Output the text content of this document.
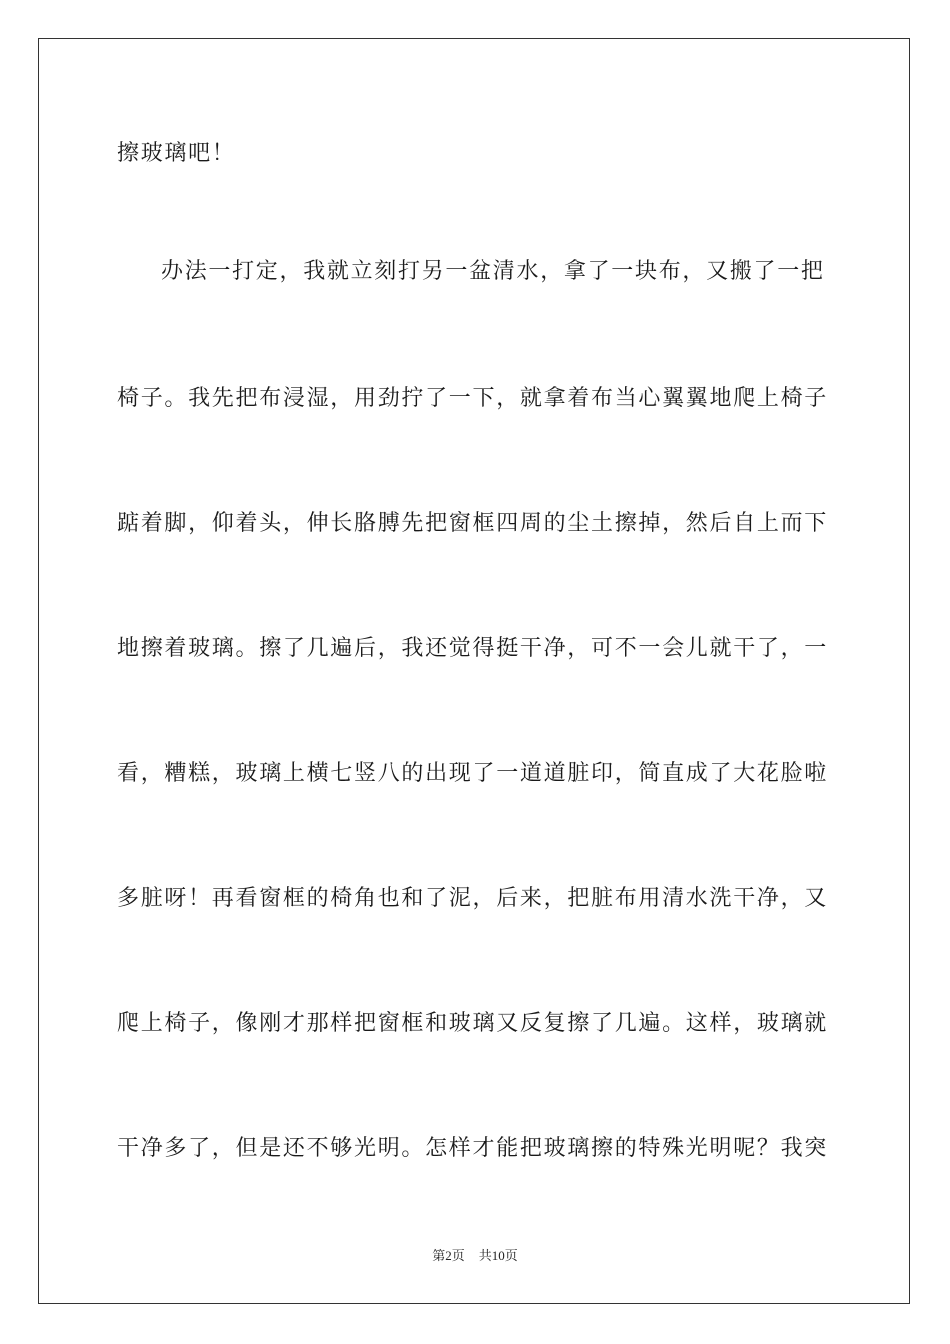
擦玻璃吧！
办法一打定，我就立刻打另一盆清水，拿了一块布，又搬了一把
椅子。我先把布浸湿，用劲拧了一下，就拿着布当心翼翼地爬上椅子
踮着脚，仰着头，伸长胳膊先把窗框四周的尘土擦掉，然后自上而下
地擦着玻璃。擦了几遍后，我还觉得挺干净，可不一会儿就干了，一
看，糟糕，玻璃上横七竖八的出现了一道道脏印，简直成了大花脸啦
多脏呀！再看窗框的椅角也和了泥，后来，把脏布用清水洗干净，又
爬上椅子，像刚才那样把窗框和玻璃又反复擦了几遍。这样，玻璃就
干净多了，但是还不够光明。怎样才能把玻璃擦的特殊光明呢？我突
第2页 共10页
